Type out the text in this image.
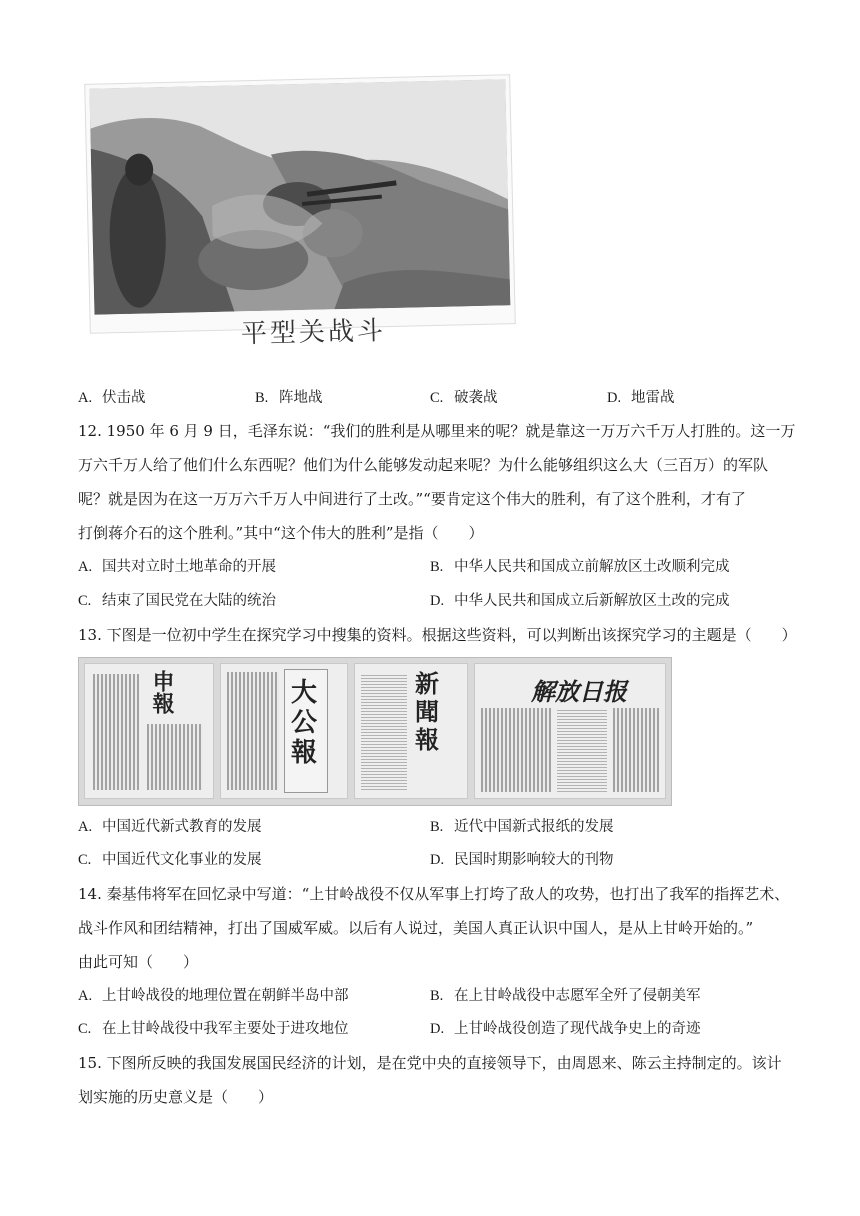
平型关战斗
A. 伏击战	B. 阵地战	C. 破袭战	D. 地雷战
12. 1950 年 6 月 9 日，毛泽东说：“我们的胜利是从哪里来的呢？就是靠这一万万六千万人打胜的。这一万
万六千万人给了他们什么东西呢？他们为什么能够发动起来呢？为什么能够组织这么大（三百万）的军队
呢？就是因为在这一万万六千万人中间进行了土改。”“要肯定这个伟大的胜利，有了这个胜利，才有了
打倒蒋介石的这个胜利。”其中“这个伟大的胜利”是指（　　）
A. 国共对立时土地革命的开展	B. 中华人民共和国成立前解放区土改顺利完成
C. 结束了国民党在大陆的统治	D. 中华人民共和国成立后新解放区土改的完成
13. 下图是一位初中学生在探究学习中搜集的资料。根据这些资料，可以判断出该探究学习的主题是（　　）
申報	大公報
新聞報
解放日报
A. 中国近代新式教育的发展	B. 近代中国新式报纸的发展
C. 中国近代文化事业的发展	D. 民国时期影响较大的刊物
14. 秦基伟将军在回忆录中写道：“上甘岭战役不仅从军事上打垮了敌人的攻势，也打出了我军的指挥艺术、
战斗作风和团结精神，打出了国威军威。以后有人说过，美国人真正认识中国人，是从上甘岭开始的。”
由此可知（　　）
A. 上甘岭战役的地理位置在朝鲜半岛中部	B. 在上甘岭战役中志愿军全歼了侵朝美军
C. 在上甘岭战役中我军主要处于进攻地位	D. 上甘岭战役创造了现代战争史上的奇迹
15. 下图所反映的我国发展国民经济的计划，是在党中央的直接领导下，由周恩来、陈云主持制定的。该计
划实施的历史意义是（　　）
